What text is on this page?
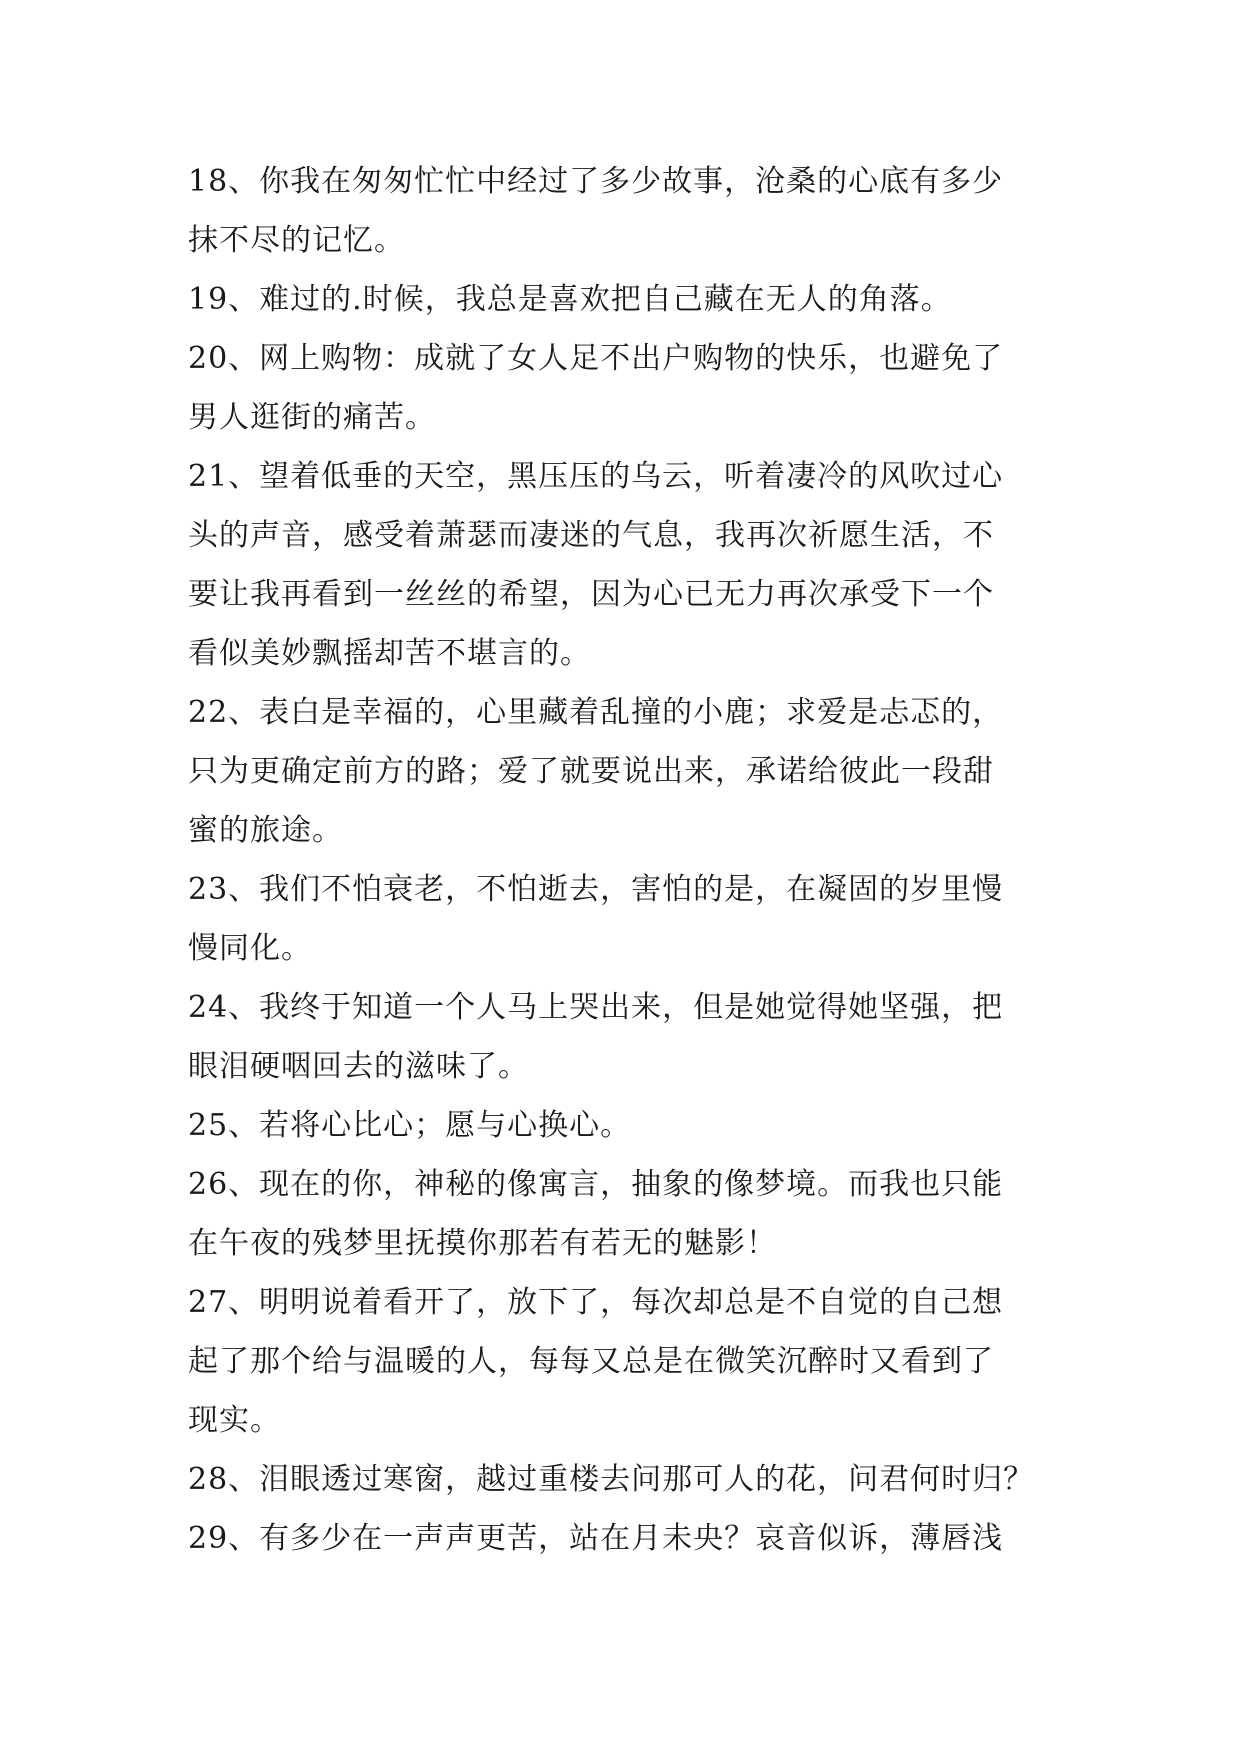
18、你我在匆匆忙忙中经过了多少故事，沧桑的心底有多少
抹不尽的记忆。
19、难过的.时候，我总是喜欢把自己藏在无人的角落。
20、网上购物：成就了女人足不出户购物的快乐，也避免了
男人逛街的痛苦。
21、望着低垂的天空，黑压压的乌云，听着凄冷的风吹过心
头的声音，感受着萧瑟而凄迷的气息，我再次祈愿生活，不
要让我再看到一丝丝的希望，因为心已无力再次承受下一个
看似美妙飘摇却苦不堪言的。
22、表白是幸福的，心里藏着乱撞的小鹿；求爱是忐忑的，
只为更确定前方的路；爱了就要说出来，承诺给彼此一段甜
蜜的旅途。
23、我们不怕衰老，不怕逝去，害怕的是，在凝固的岁里慢
慢同化。
24、我终于知道一个人马上哭出来，但是她觉得她坚强，把
眼泪硬咽回去的滋味了。
25、若将心比心；愿与心换心。
26、现在的你，神秘的像寓言，抽象的像梦境。而我也只能
在午夜的残梦里抚摸你那若有若无的魅影！
27、明明说着看开了，放下了，每次却总是不自觉的自己想
起了那个给与温暖的人，每每又总是在微笑沉醉时又看到了
现实。
28、泪眼透过寒窗，越过重楼去问那可人的花，问君何时归？
29、有多少在一声声更苦，站在月未央？哀音似诉，薄唇浅
